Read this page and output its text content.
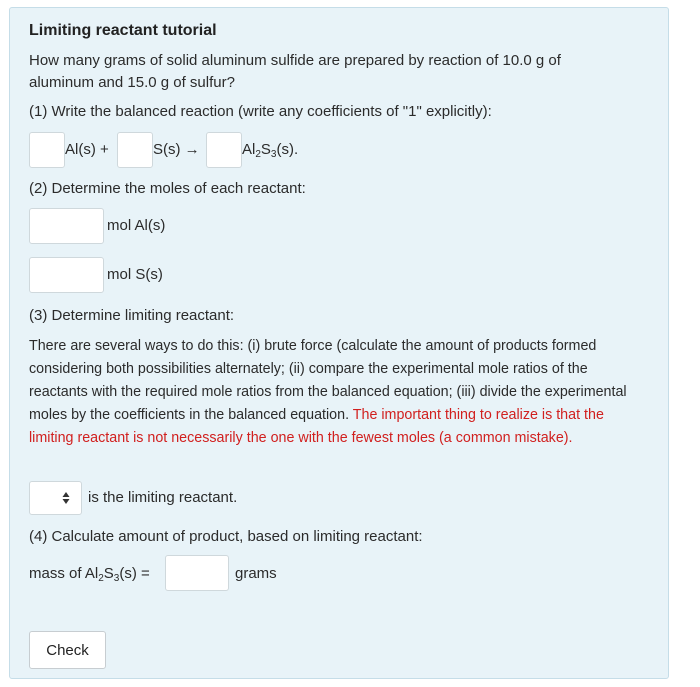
Limiting reactant tutorial
How many grams of solid aluminum sulfide are prepared by reaction of 10.0 g of
aluminum and 15.0 g of sulfur?
(1) Write the balanced reaction (write any coefficients of "1" explicitly):
Al(s) +	S(s) →	$Al_2S_3(s)$.
(2) Determine the moles of each reactant:
mol Al(s)
mol S(s)
(3) Determine limiting reactant:
There are several ways to do this: (i) brute force (calculate the amount of products formed considering both possibilities alternately; (ii) compare the experimental mole ratios of the reactants with the required mole ratios from the balanced equation; (iii) divide the experimental moles by the coefficients in the balanced equation. The important thing to realize is that the limiting reactant is not necessarily the one with the fewest moles (a common mistake).
is the limiting reactant.
(4) Calculate amount of product, based on limiting reactant:
mass of $Al_2S_3(s)$ =	grams
Check
